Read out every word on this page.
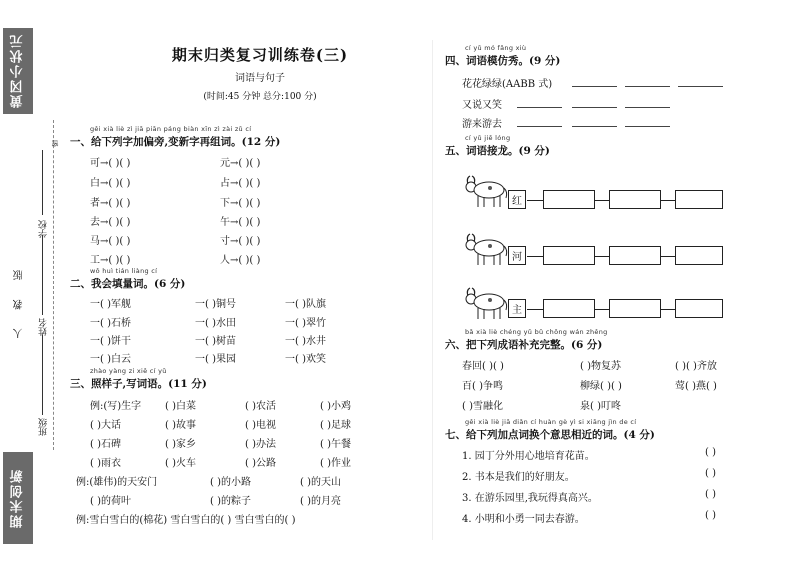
黄冈小状元
人 教 版
学校
姓名
班级
密
期末创新
期末归类复习训练卷(三)
词语与句子
(时间:45 分钟 总分:100 分)
gěi xià liè zì jiā piān páng biàn xīn zì zài zǔ cí
一、给下列字加偏旁,变新字再组词。(12 分)
可→( )( )	元→( )( )
白→( )( )	占→( )( )
者→( )( )	下→( )( )
去→( )( )	午→( )( )
马→( )( )	寸→( )( )
工→( )( )	人→( )( )
wǒ huì tián liàng cí
二、我会填量词。(6 分)
一( )军舰	一( )铜号	一( )队旗
一( )石桥	一( )水田	一( )翠竹
一( )饼干	一( )树苗	一( )水井
一( )白云	一( )果园	一( )欢笑
zhào yàng zi xiě cí yǔ
三、照样子,写词语。(11 分)
例:(写)生字 ( )白菜	( )农活	( )小鸡
( )大话	( )故事	( )电视	( )足球
( )石碑	( )家乡	( )办法	( )午餐
( )雨衣	( )火车	( )公路	( )作业
例:(雄伟)的天安门	( )的小路	( )的天山
( )的荷叶	( )的粽子	( )的月亮
例:雪白雪白的(棉花) 雪白雪白的( ) 雪白雪白的( )
cí yǔ mó fǎng xiù
四、词语模仿秀。(9 分)
花花绿绿(AABB 式)
又说又笑
游来游去
cí yǔ jiē lóng
五、词语接龙。(9 分)
红
河
主
bǎ xià liè chéng yǔ bǔ chōng wán zhěng
六、把下列成语补充完整。(6 分)
春回( )( )	( )物复苏	( )( )齐放
百( )争鸣	柳绿( )( )	莺( )燕( )
( )雪融化	泉( )叮咚
gěi xià liè jiā diǎn cí huàn gè yì si xiāng jìn de cí
七、给下列加点词换个意思相近的词。(4 分)
1. 园丁分外用心地培育花苗。	( )
2. 书本是我们的好朋友。	( )
3. 在游乐园里,我玩得真高兴。	( )
4. 小明和小勇一同去春游。	( )
